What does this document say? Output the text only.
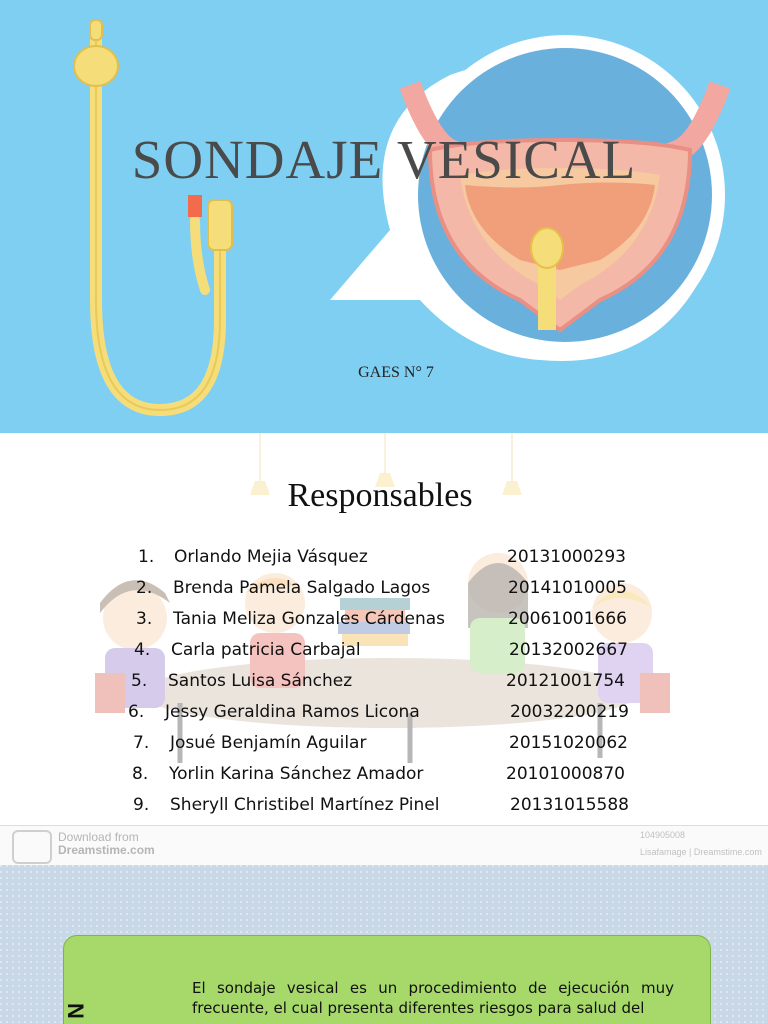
SONDAJE VESICAL
GAES N° 7
Responsables
1. Orlando Mejia Vásquez	20131000293
2. Brenda Pamela Salgado Lagos	20141010005
3. Tania Meliza Gonzales Cárdenas	20061001666
4. Carla patricia Carbajal	20132002667
5. Santos Luisa Sánchez	20121001754
6. Jessy Geraldina Ramos Licona	20032200219
7. Josué Benjamín Aguilar	20151020062
8. Yorlin Karina Sánchez Amador	20101000870
9. Sheryll Christibel Martínez Pinel	20131015588
Download from
Dreamstime.com
104905008
Lisafamage | Dreamstime.com
El sondaje vesical es un procedimiento de ejecución muy frecuente, el cual presenta diferentes riesgos para salud del
N
